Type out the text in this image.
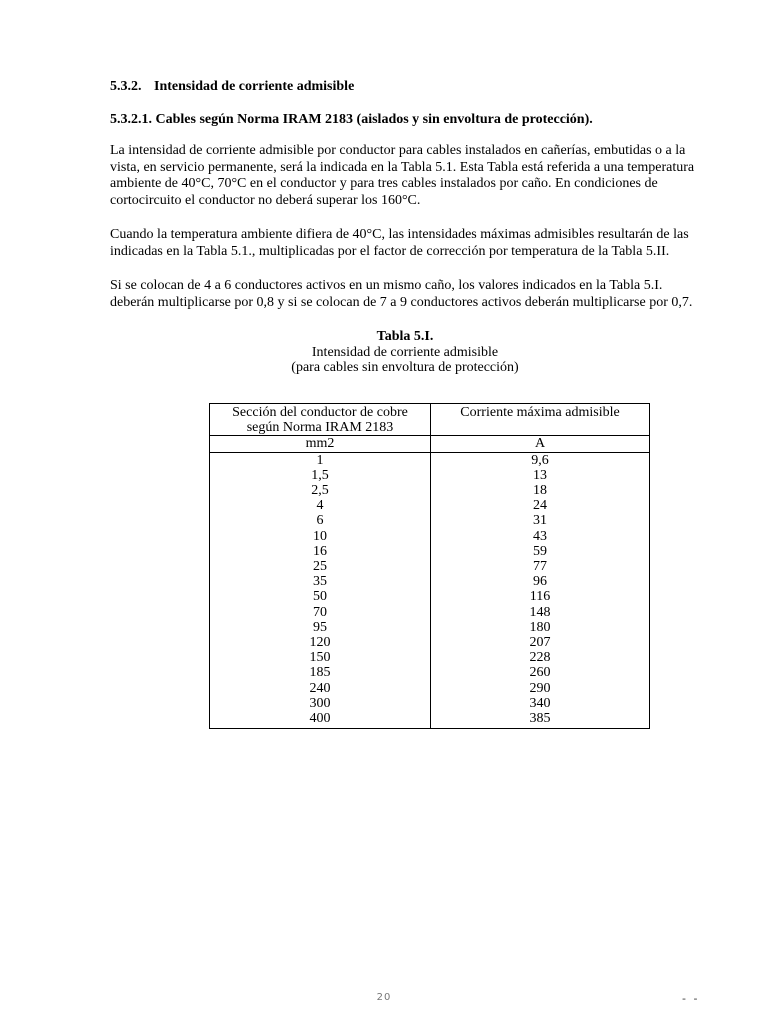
5.3.2. Intensidad de corriente admisible
5.3.2.1. Cables según Norma IRAM 2183 (aislados y sin envoltura de protección).

La intensidad de corriente admisible por conductor para cables instalados en cañerías, embutidas o a la vista, en servicio permanente, será la indicada en la Tabla 5.1. Esta Tabla está referida a una temperatura ambiente de 40°C, 70°C en el conductor y para tres cables instalados por caño. En condiciones de cortocircuito el conductor no deberá superar los 160°C.

Cuando la temperatura ambiente difiera de 40°C, las intensidades máximas admisibles resultarán de las indicadas en la Tabla 5.1., multiplicadas por el factor de corrección por temperatura de la Tabla 5.II.

Si se colocan de 4 a 6 conductores activos en un mismo caño, los valores indicados en la Tabla 5.I. deberán multiplicarse por 0,8 y si se colocan de 7 a 9 conductores activos deberán multiplicarse por 0,7.

Tabla 5.I.
Intensidad de corriente admisible
(para cables sin envoltura de protección)
Sección del conductor de cobre
según Norma IRAM 2183	Corriente máxima admisible
mm2	A
1	9,6
1,5	13
2,5	18
4	24
6	31
10	43
16	59
25	77
35	96
50	116
70	148
95	180
120	207
150	228
185	260
240	290
300	340
400	385
20	- -
